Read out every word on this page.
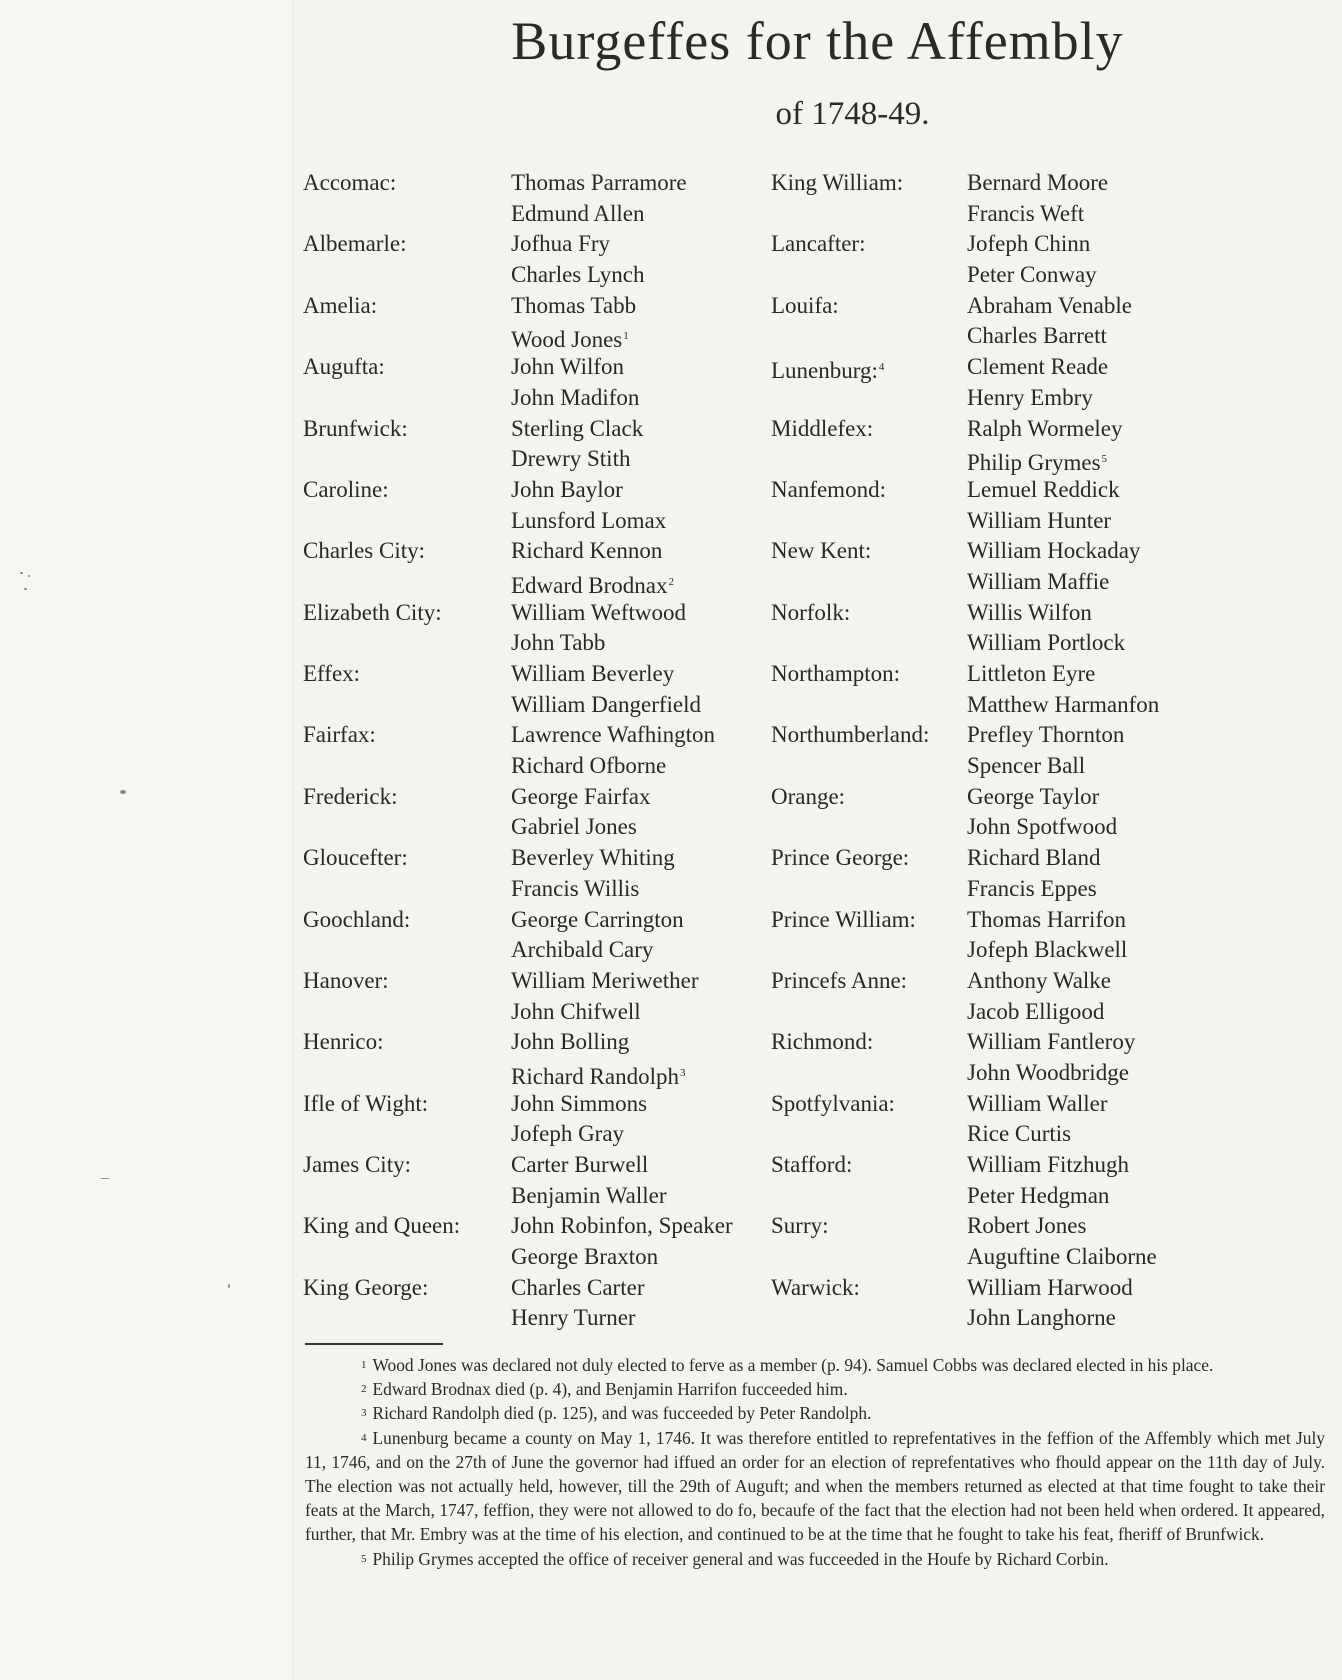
Burgeffes for the Affembly
of 1748-49.
Accomac:	Thomas Parramore
Edmund Allen
Albemarle:	Jofhua Fry
Charles Lynch
Amelia:	Thomas Tabb
Wood Jones$^1$
Augufta:	John Wilfon
John Madifon
Brunfwick:	Sterling Clack
Drewry Stith
Caroline:	John Baylor
Lunsford Lomax
Charles City:	Richard Kennon
Edward Brodnax$^2$
Elizabeth City:	William Weftwood
John Tabb
Effex:	William Beverley
William Dangerfield
Fairfax:	Lawrence Wafhington
Richard Ofborne
Frederick:	George Fairfax
Gabriel Jones
Gloucefter:	Beverley Whiting
Francis Willis
Goochland:	George Carrington
Archibald Cary
Hanover:	William Meriwether
John Chifwell
Henrico:	John Bolling
Richard Randolph$^3$
Ifle of Wight:	John Simmons
Jofeph Gray
James City:	Carter Burwell
Benjamin Waller
King and Queen: John Robinfon, Speaker
George Braxton
King George:	Charles Carter
Henry Turner
King William:	Bernard Moore
Francis Weft
Lancafter:	Jofeph Chinn
Peter Conway
Louifa:	Abraham Venable
Charles Barrett
Lunenburg:$^4$	Clement Reade
Henry Embry
Middlefex:	Ralph Wormeley
Philip Grymes$^5$
Nanfemond:	Lemuel Reddick
William Hunter
New Kent:	William Hockaday
William Maffie
Norfolk:	Willis Wilfon
William Portlock
Northampton:	Littleton Eyre
Matthew Harmanfon
Northumberland: Prefley Thornton
Spencer Ball
Orange:	George Taylor
John Spotfwood
Prince George:	Richard Bland
Francis Eppes
Prince William: Thomas Harrifon
Jofeph Blackwell
Princefs Anne:	Anthony Walke
Jacob Elligood
Richmond:	William Fantleroy
John Woodbridge
Spotfylvania:	William Waller
Rice Curtis
Stafford:	William Fitzhugh
Peter Hedgman
Surry:	Robert Jones
Auguftine Claiborne
Warwick:	William Harwood
John Langhorne

1 Wood Jones was declared not duly elected to ferve as a member (p. 94). Samuel Cobbs was declared elected in his place.

2 Edward Brodnax died (p. 4), and Benjamin Harrifon fucceeded him.

3 Richard Randolph died (p. 125), and was fucceeded by Peter Randolph.

4 Lunenburg became a county on May 1, 1746. It was therefore entitled to reprefentatives in the feffion of the Affembly which met July 11, 1746, and on the 27th of June the governor had iffued an order for an election of reprefentatives who fhould appear on the 11th day of July. The election was not actually held, however, till the 29th of Auguft; and when the members returned as elected at that time fought to take their feats at the March, 1747, feffion, they were not allowed to do fo, becaufe of the fact that the election had not been held when ordered. It appeared, further, that Mr. Embry was at the time of his election, and continued to be at the time that he fought to take his feat, fheriff of Brunfwick.

5 Philip Grymes accepted the office of receiver general and was fucceeded in the Houfe by Richard Corbin.
